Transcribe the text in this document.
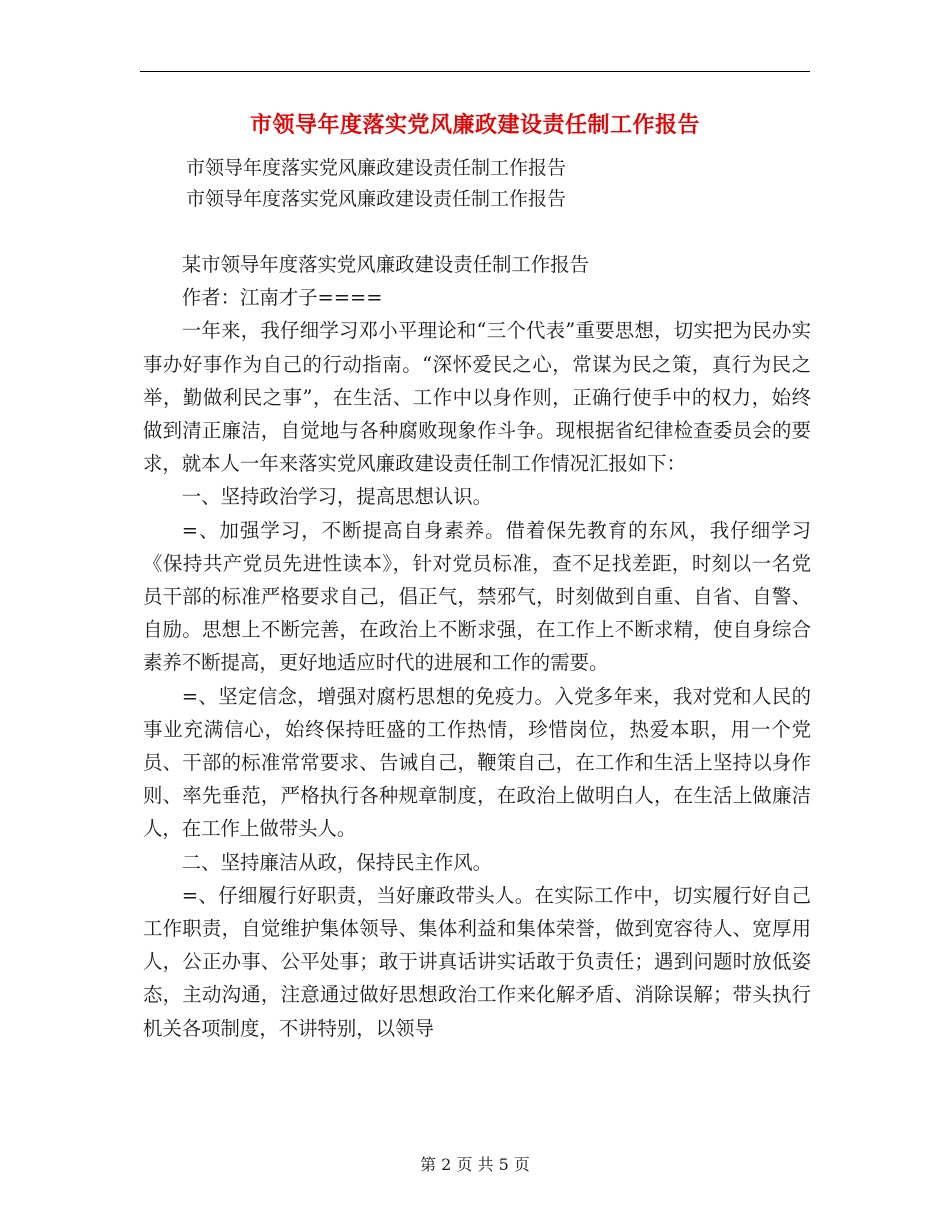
市领导年度落实党风廉政建设责任制工作报告
市领导年度落实党风廉政建设责任制工作报告
市领导年度落实党风廉政建设责任制工作报告

某市领导年度落实党风廉政建设责任制工作报告

作者：江南才子====

一年来，我仔细学习邓小平理论和“三个代表”重要思想，切实把为民办实事办好事作为自己的行动指南。“深怀爱民之心，常谋为民之策，真行为民之举，勤做利民之事”，在生活、工作中以身作则，正确行使手中的权力，始终做到清正廉洁，自觉地与各种腐败现象作斗争。现根据省纪律检查委员会的要求，就本人一年来落实党风廉政建设责任制工作情况汇报如下：

一、坚持政治学习，提高思想认识。

=、加强学习，不断提高自身素养。借着保先教育的东风，我仔细学习《保持共产党员先进性读本》，针对党员标准，查不足找差距，时刻以一名党员干部的标准严格要求自己，倡正气，禁邪气，时刻做到自重、自省、自警、自励。思想上不断完善，在政治上不断求强，在工作上不断求精，使自身综合素养不断提高，更好地适应时代的进展和工作的需要。

=、坚定信念，增强对腐朽思想的免疫力。入党多年来，我对党和人民的事业充满信心，始终保持旺盛的工作热情，珍惜岗位，热爱本职，用一个党员、干部的标准常常要求、告诫自己，鞭策自己，在工作和生活上坚持以身作则、率先垂范，严格执行各种规章制度，在政治上做明白人，在生活上做廉洁人，在工作上做带头人。

二、坚持廉洁从政，保持民主作风。

=、仔细履行好职责，当好廉政带头人。在实际工作中，切实履行好自己工作职责，自觉维护集体领导、集体利益和集体荣誉，做到宽容待人、宽厚用人，公正办事、公平处事；敢于讲真话讲实话敢于负责任；遇到问题时放低姿态，主动沟通，注意通过做好思想政治工作来化解矛盾、消除误解；带头执行机关各项制度，不讲特别，以领导

第 2 页 共 5 页
